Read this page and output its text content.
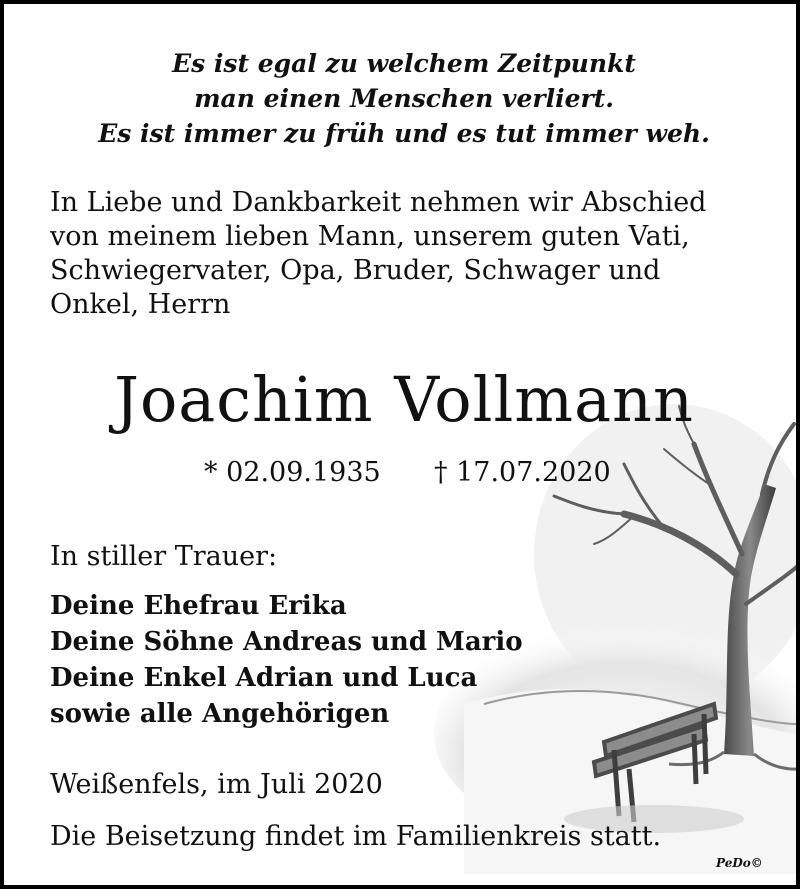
Es ist egal zu welchem Zeitpunkt
man einen Menschen verliert.
Es ist immer zu früh und es tut immer weh.
In Liebe und Dankbarkeit nehmen wir Abschied
von meinem lieben Mann, unserem guten Vati,
Schwiegervater, Opa, Bruder, Schwager und
Onkel, Herrn
Joachim Vollmann
* 02.09.1935 † 17.07.2020
In stiller Trauer:
Deine Ehefrau Erika
Deine Söhne Andreas und Mario
Deine Enkel Adrian und Luca
sowie alle Angehörigen
Weißenfels, im Juli 2020
Die Beisetzung findet im Familienkreis statt.
PeDo©
